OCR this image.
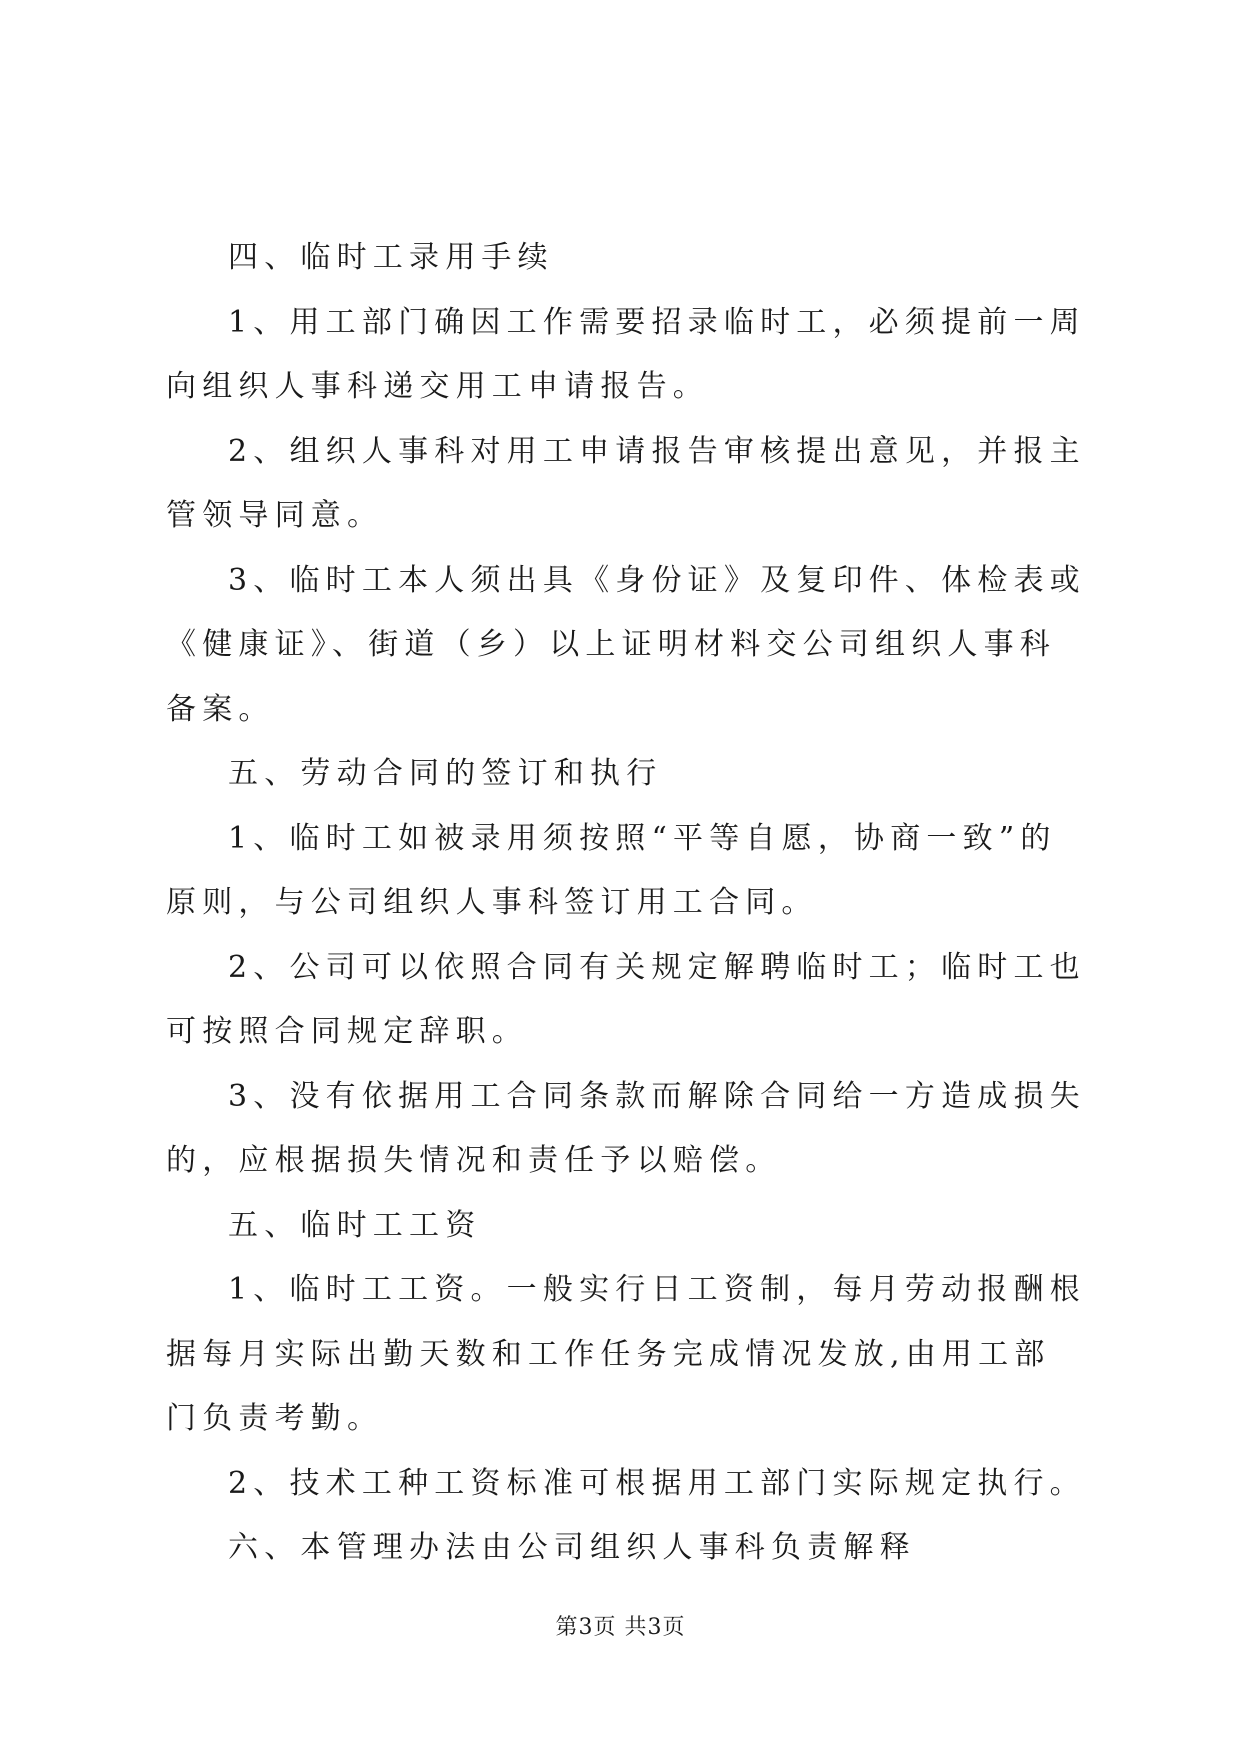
四、临时工录用手续

1、用工部门确因工作需要招录临时工，必须提前一周向组织人事科递交用工申请报告。

2、组织人事科对用工申请报告审核提出意见，并报主管领导同意。

3、临时工本人须出具《身份证》及复印件、体检表或《健康证》、街道（乡）以上证明材料交公司组织人事科备案。

五、劳动合同的签订和执行

1、临时工如被录用须按照“平等自愿，协商一致”的原则，与公司组织人事科签订用工合同。

2、公司可以依照合同有关规定解聘临时工；临时工也可按照合同规定辞职。

3、没有依据用工合同条款而解除合同给一方造成损失的，应根据损失情况和责任予以赔偿。

五、临时工工资

1、临时工工资。一般实行日工资制，每月劳动报酬根据每月实际出勤天数和工作任务完成情况发放,由用工部门负责考勤。

2、技术工种工资标准可根据用工部门实际规定执行。

六、本管理办法由公司组织人事科负责解释

第3页 共3页
